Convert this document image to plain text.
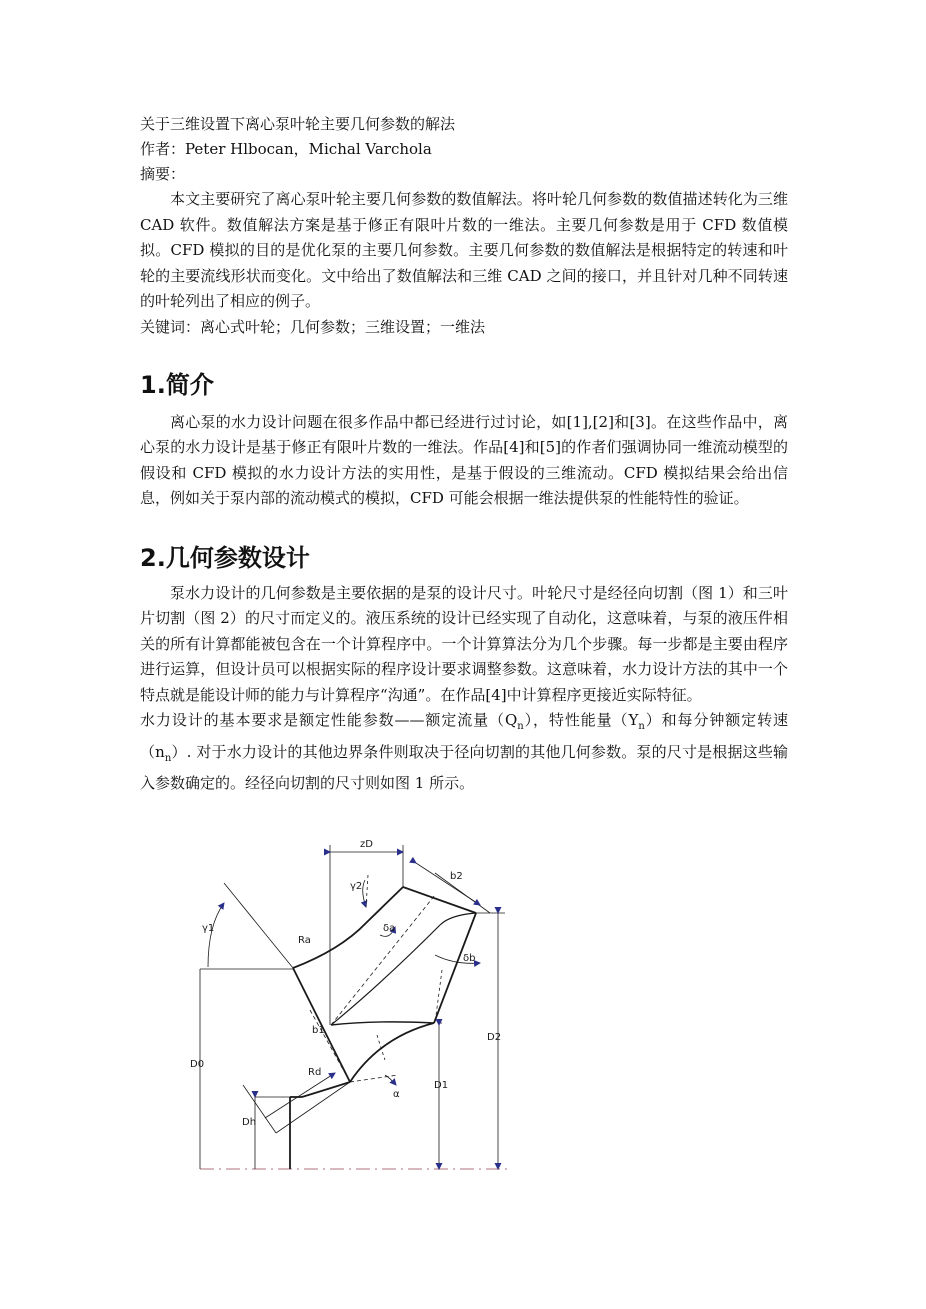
关于三维设置下离心泵叶轮主要几何参数的解法
作者：Peter Hlbocan，Michal Varchola
摘要：

本文主要研究了离心泵叶轮主要几何参数的数值解法。将叶轮几何参数的数值描述转化为三维 CAD 软件。数值解法方案是基于修正有限叶片数的一维法。主要几何参数是用于 CFD 数值模拟。CFD 模拟的目的是优化泵的主要几何参数。主要几何参数的数值解法是根据特定的转速和叶轮的主要流线形状而变化。文中给出了数值解法和三维 CAD 之间的接口，并且针对几种不同转速的叶轮列出了相应的例子。

关键词：离心式叶轮；几何参数；三维设置；一维法
1.简介

离心泵的水力设计问题在很多作品中都已经进行过讨论，如[1],[2]和[3]。在这些作品中，离心泵的水力设计是基于修正有限叶片数的一维法。作品[4]和[5]的作者们强调协同一维流动模型的假设和 CFD 模拟的水力设计方法的实用性，是基于假设的三维流动。CFD 模拟结果会给出信息，例如关于泵内部的流动模式的模拟，CFD 可能会根据一维法提供泵的性能特性的验证。

2.几何参数设计

泵水力设计的几何参数是主要依据的是泵的设计尺寸。叶轮尺寸是经径向切割（图 1）和三叶片切割（图 2）的尺寸而定义的。液压系统的设计已经实现了自动化，这意味着，与泵的液压件相关的所有计算都能被包含在一个计算程序中。一个计算算法分为几个步骤。每一步都是主要由程序进行运算，但设计员可以根据实际的程序设计要求调整参数。这意味着，水力设计方法的其中一个特点就是能设计师的能力与计算程序“沟通”。在作品[4]中计算程序更接近实际特征。

水力设计的基本要求是额定性能参数——额定流量$(Q_n)$，特性能量$(Y_n)$和每分钟额定转速$(n_n)$. 对于水力设计的其他边界条件则取决于径向切割的其他几何参数。泵的尺寸是根据这些输入参数确定的。经径向切割的尺寸则如图 1 所示。

zD
b2
γ2
γ1
Ra
δa
δb
D2
b1
D0
Rd
D1
α
Dh
